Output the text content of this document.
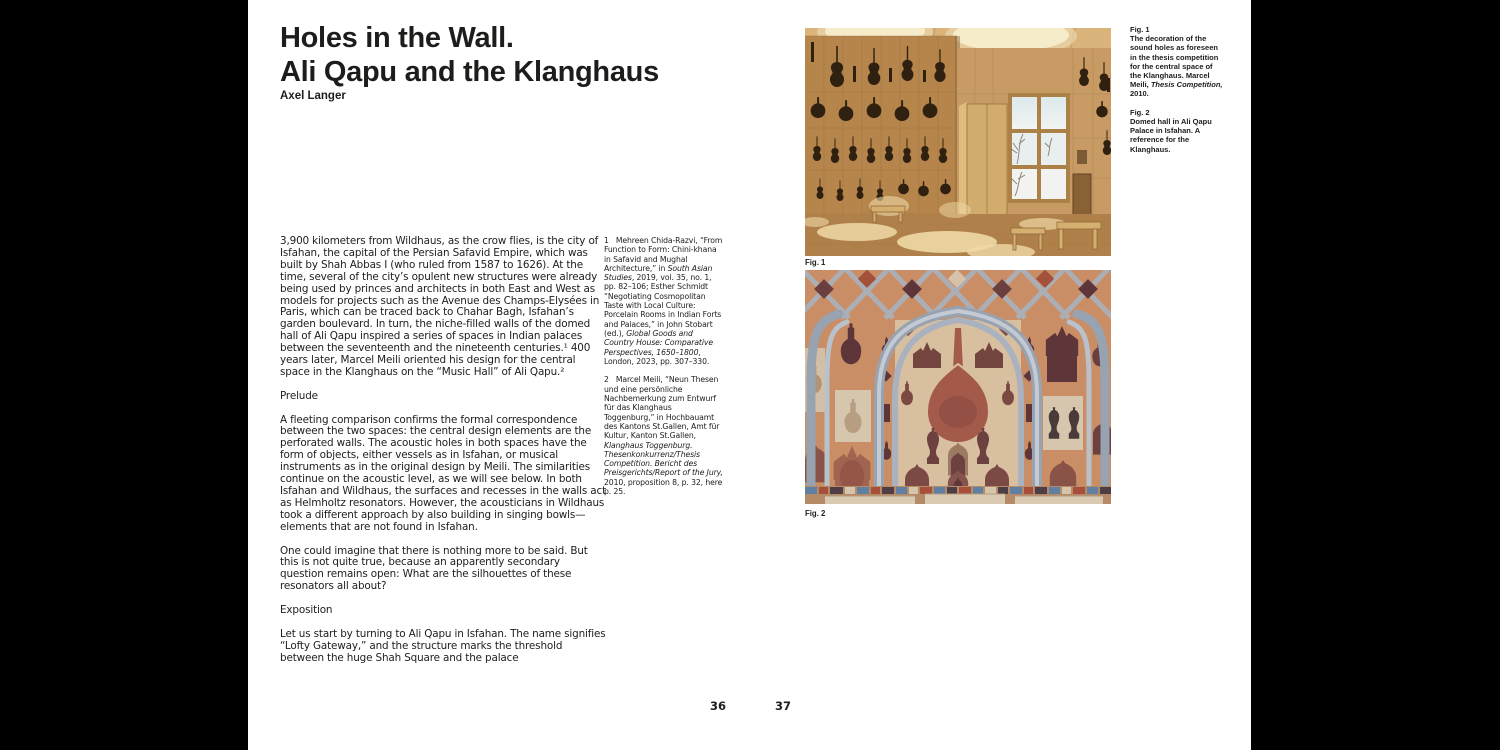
Holes in the Wall.
Ali Qapu and the Klanghaus
Axel Langer

3,900 kilometers from Wildhaus, as the crow flies, is the city of Isfahan, the capital of the Persian Safavid Empire, which was built by Shah Abbas I (who ruled from 1587 to 1626). At the time, several of the city’s opulent new structures were already being used by princes and architects in both East and West as models for projects such as the Avenue des Champs-Elysées in Paris, which can be traced back to Chahar Bagh, Isfahan’s garden boulevard. In turn, the niche-filled walls of the domed hall of Ali Qapu inspired a series of spaces in Indian palaces between the seventeenth and the nineteenth centuries.¹ 400 years later, Marcel Meili oriented his design for the central space in the Klanghaus on the “Music Hall” of Ali Qapu.²

Prelude

A fleeting comparison confirms the formal correspondence between the two spaces: the central design elements are the perforated walls. The acoustic holes in both spaces have the form of objects, either vessels as in Isfahan, or musical instruments as in the original design by Meili. The similarities continue on the acoustic level, as we will see below. In both Isfahan and Wildhaus, the surfaces and recesses in the walls act as Helmholtz resonators. However, the acousticians in Wildhaus took a different approach by also building in singing bowls—elements that are not found in Isfahan.

One could imagine that there is nothing more to be said. But this is not quite true, because an apparently secondary question remains open: What are the silhouettes of these resonators all about?

Exposition

Let us start by turning to Ali Qapu in Isfahan. The name signifies “Lofty Gateway,” and the structure marks the threshold between the huge Shah Square and the palace

1   Mehreen Chida-Razvi, “From Function to Form: Chini-khana in Safavid and Mughal Architecture,” in South Asian Studies, 2019, vol. 35, no. 1, pp. 82–106; Esther Schmidt “Negotiating Cosmopolitan Taste with Local Culture: Porcelain Rooms in Indian Forts and Palaces,” in John Stobart (ed.), Global Goods and Country House: Comparative Perspectives, 1650–1800, London, 2023, pp. 307–330.

2   Marcel Meili, “Neun Thesen und eine persönliche Nachbemerkung zum Entwurf für das Klanghaus Toggenburg,” in Hochbauamt des Kantons St.Gallen, Amt für Kultur, Kanton St.Gallen, Klanghaus Toggenburg. Thesenkonkurrenz/Thesis Competition. Bericht des Preisgerichts/Report of the Jury, 2010, proposition 8, p. 32, here p. 25.

36	37
Fig. 1
Fig. 2
Fig. 1
The decoration of the sound holes as foreseen in the thesis competition for the central space of the Klanghaus. Marcel Meili, Thesis Competition, 2010.
Fig. 2
Domed hall in Ali Qapu Palace in Isfahan. A reference for the Klanghaus.
